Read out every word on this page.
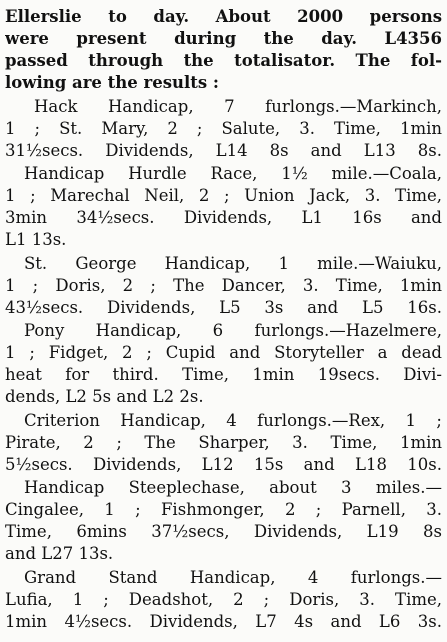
Ellerslie to day. About 2000 persons
were present during the day. L4356
passed through the totalisator. The fol-
lowing are the results :
Hack Handicap, 7 furlongs.—Markinch,
1 ; St. Mary, 2 ; Salute, 3. Time, 1min
31½secs. Dividends, L14 8s and L13 8s.
Handicap Hurdle Race, 1½ mile.—Coala,
1 ; Marechal Neil, 2 ; Union Jack, 3. Time,
3min 34½secs. Dividends, L1 16s and
L1 13s.
St. George Handicap, 1 mile.—Waiuku,
1 ; Doris, 2 ; The Dancer, 3. Time, 1min
43½secs. Dividends, L5 3s and L5 16s.
Pony Handicap, 6 furlongs.—Hazelmere,
1 ; Fidget, 2 ; Cupid and Storyteller a dead
heat for third. Time, 1min 19secs. Divi-
dends, L2 5s and L2 2s.
Criterion Handicap, 4 furlongs.—Rex, 1 ;
Pirate, 2 ; The Sharper, 3. Time, 1min
5½secs. Dividends, L12 15s and L18 10s.
Handicap Steeplechase, about 3 miles.—
Cingalee, 1 ; Fishmonger, 2 ; Parnell, 3.
Time, 6mins 37½secs, Dividends, L19 8s
and L27 13s.
Grand Stand Handicap, 4 furlongs.—
Lufia, 1 ; Deadshot, 2 ; Doris, 3. Time,
1min 4½secs. Dividends, L7 4s and L6 3s.
